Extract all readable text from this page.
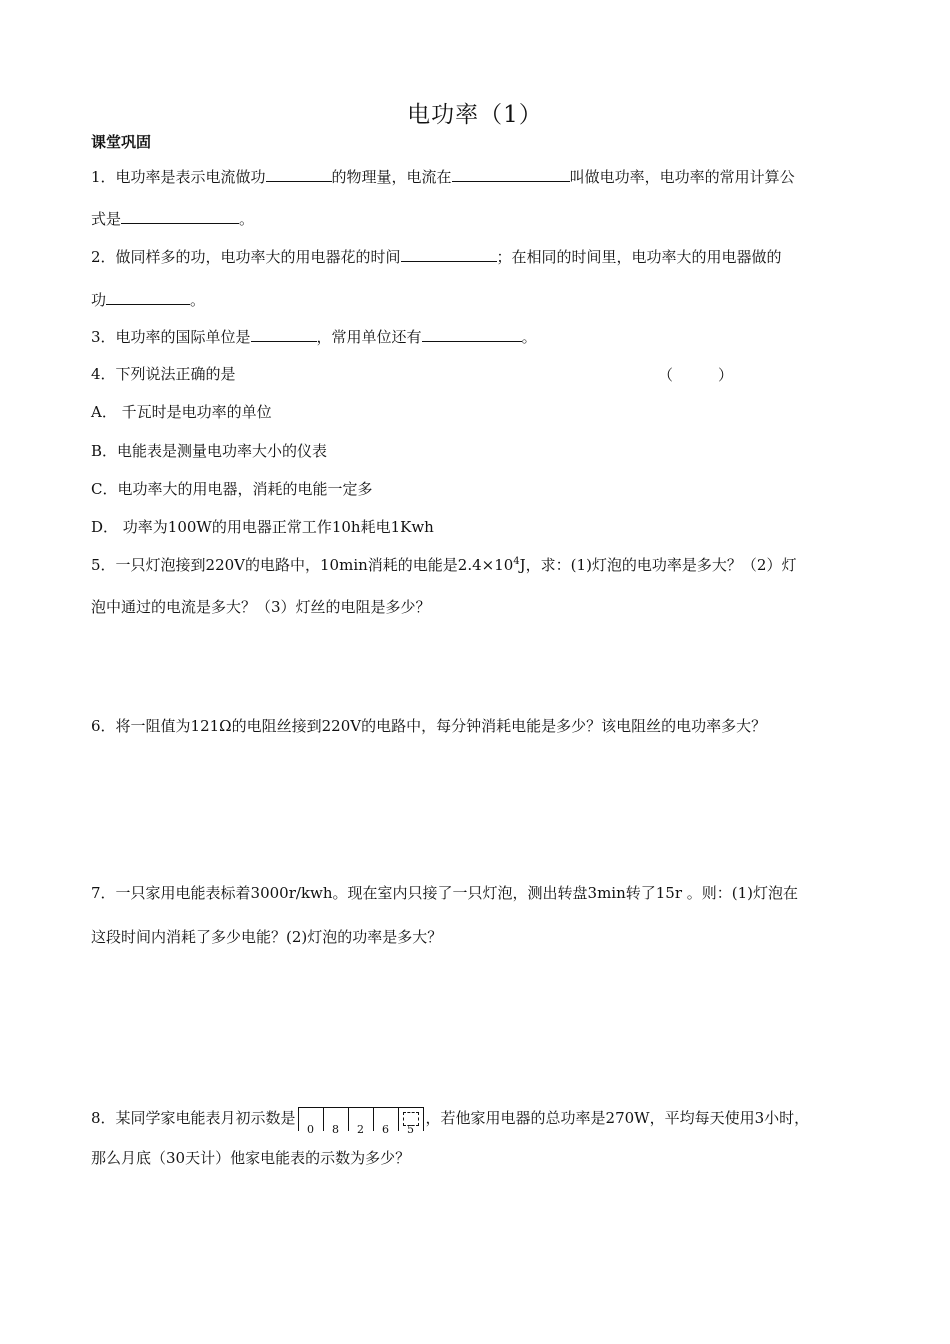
电功率（1）
课堂巩固
1．电功率是表示电流做功	的物理量，电流在	叫做电功率，电功率的常用计算公
式是	。
2．做同样多的功，电功率大的用电器花的时间	；在相同的时间里，电功率大的用电器做的
功	。
3．电功率的国际单位是	，常用单位还有	。
4．下列说法正确的是	（　　　）
A． 千瓦时是电功率的单位
B．电能表是测量电功率大小的仪表
C．电功率大的用电器，消耗的电能一定多
D． 功率为100W的用电器正常工作10h耗电1Kwh
5．一只灯泡接到220V的电路中，10min消耗的电能是$2.4\times 10^4J$，求：(1)灯泡的电功率是多大？（2）灯
泡中通过的电流是多大？（3）灯丝的电阻是多少？
6．将一阻值为121Ω的电阻丝接到220V的电路中，每分钟消耗电能是多少？该电阻丝的电功率多大？
7．一只家用电能表标着3000r/kwh。现在室内只接了一只灯泡，测出转盘3min转了15r 。则：(1)灯泡在
这段时间内消耗了多少电能？(2)灯泡的功率是多大？
8．某同学家电能表月初示数是
0	8	2	6	5
，若他家用电器的总功率是270W，平均每天使用3小时，
那么月底（30天计）他家电能表的示数为多少？
